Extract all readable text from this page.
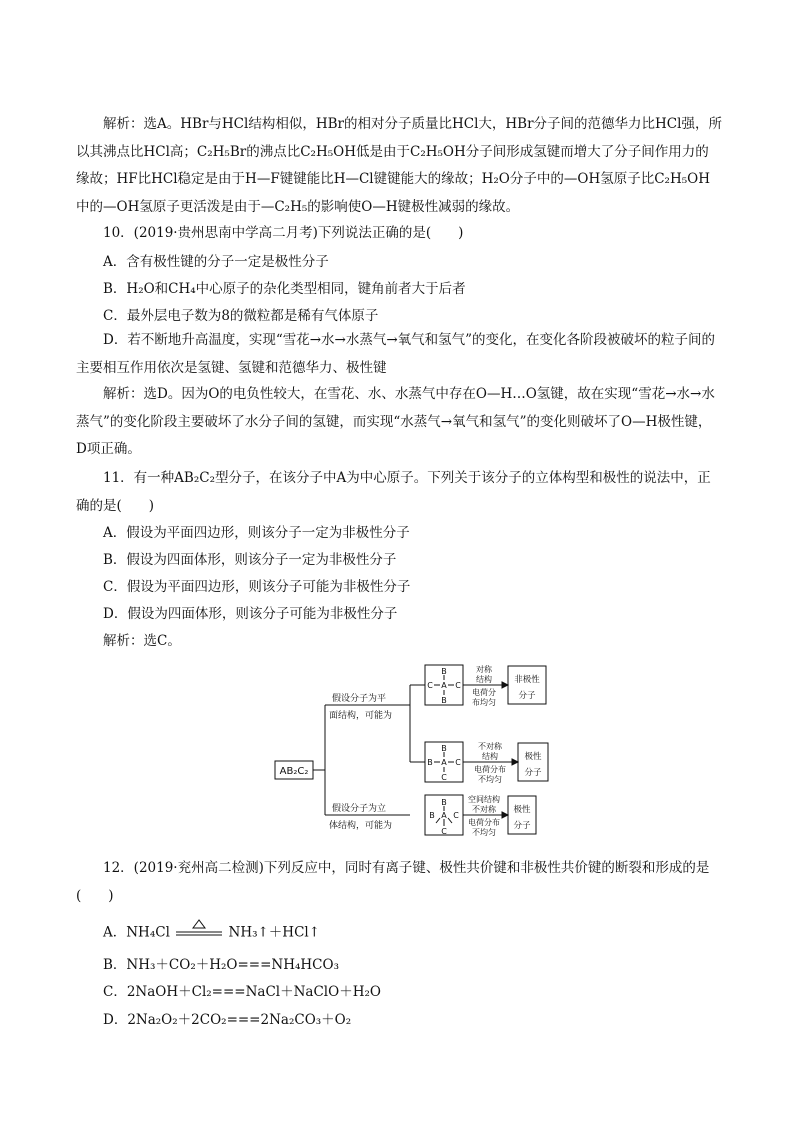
解析：选A。HBr与HCl结构相似，HBr的相对分子质量比HCl大，HBr分子间的范德华力比HCl强，所以其沸点比HCl高；C₂H₅Br的沸点比C₂H₅OH低是由于C₂H₅OH分子间形成氢键而增大了分子间作用力的缘故；HF比HCl稳定是由于H—F键键能比H—Cl键键能大的缘故；H₂O分子中的—OH氢原子比C₂H₅OH中的—OH氢原子更活泼是由于—C₂H₅的影响使O—H键极性减弱的缘故。

10．(2019·贵州思南中学高二月考)下列说法正确的是(　　)

A．含有极性键的分子一定是极性分子

B．H₂O和CH₄中心原子的杂化类型相同，键角前者大于后者

C．最外层电子数为8的微粒都是稀有气体原子

D．若不断地升高温度，实现“雪花→水→水蒸气→氧气和氢气”的变化，在变化各阶段被破坏的粒子间的主要相互作用依次是氢键、氢键和范德华力、极性键

解析：选D。因为O的电负性较大，在雪花、水、水蒸气中存在O—H…O氢键，故在实现“雪花→水→水蒸气”的变化阶段主要破坏了水分子间的氢键，而实现“水蒸气→氧气和氢气”的变化则破坏了O—H极性键，D项正确。

11．有一种AB₂C₂型分子，在该分子中A为中心原子。下列关于该分子的立体构型和极性的说法中，正确的是(　　)

A．假设为平面四边形，则该分子一定为非极性分子

B．假设为四面体形，则该分子一定为非极性分子

C．假设为平面四边形，则该分子可能为非极性分子

D．假设为四面体形，则该分子可能为非极性分子

解析：选C。

AB₂C₂
假设分子为平
面结构，可能为
假设分子为立
体结构，可能为
B
C A C
B
B
B A C
C
B
B A C
C
对称
结构
电荷分
布均匀
非极性
分子
不对称
结构
电荷分布
不均匀
极性
分子
空间结构
不对称
电荷分布
不均匀
极性
分子

12．(2019·兖州高二检测)下列反应中，同时有离子键、极性共价键和非极性共价键的断裂和形成的是(　　)

A．NH₄Cl	NH₃↑＋HCl↑

B．NH₃＋CO₂＋H₂O===NH₄HCO₃

C．2NaOH＋Cl₂===NaCl＋NaClO＋H₂O

D．2Na₂O₂＋2CO₂===2Na₂CO₃＋O₂
